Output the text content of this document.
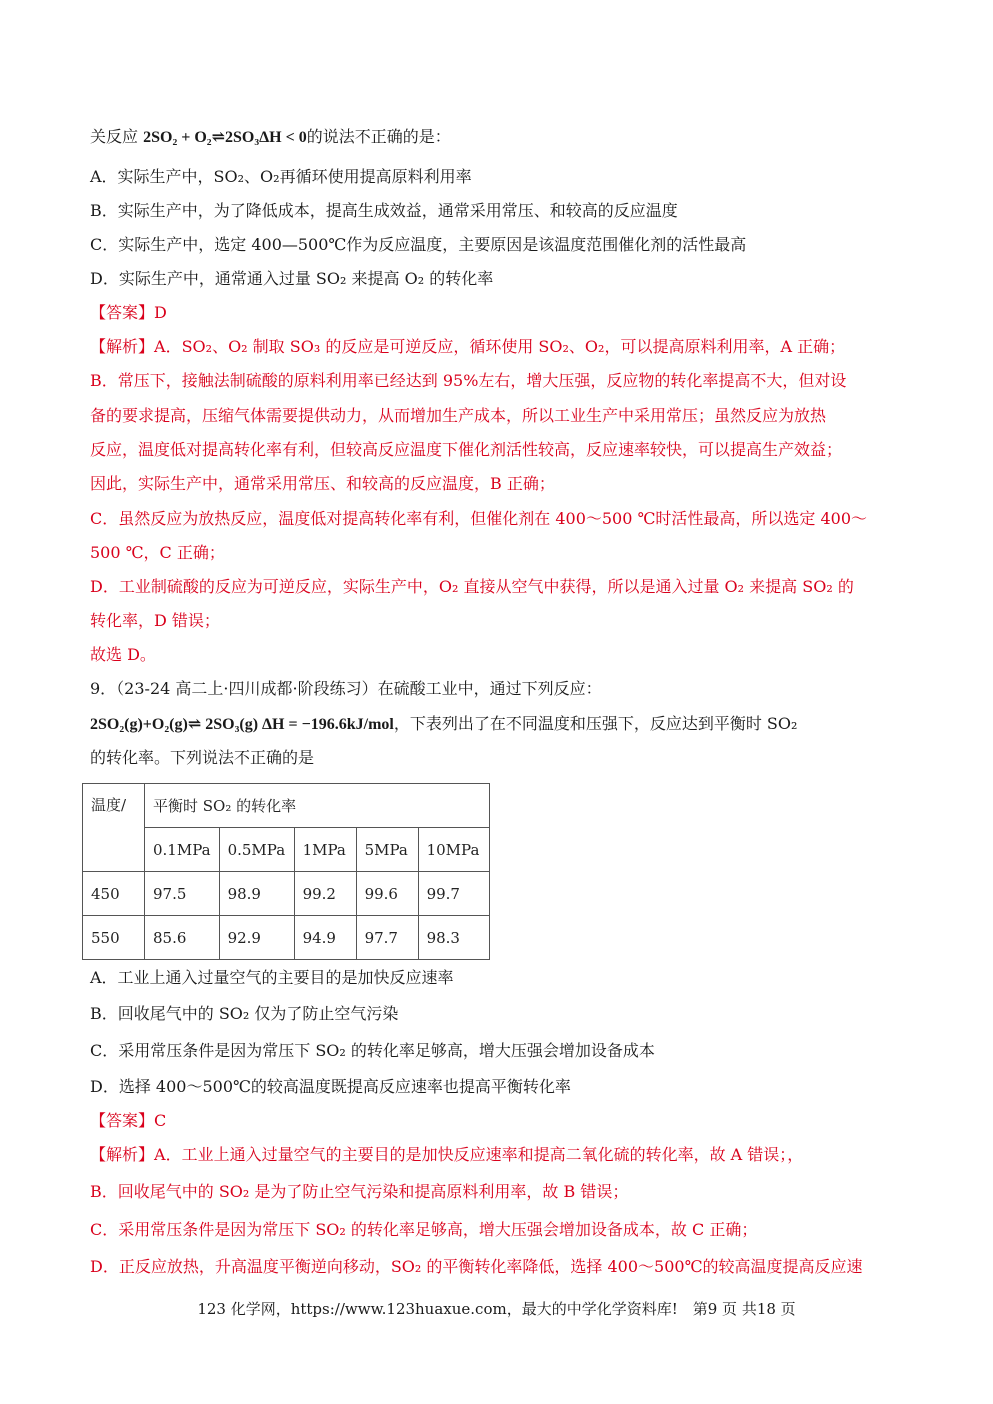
关反应 2SO₂ + O₂⇌2SO₃ΔH < 0的说法不正确的是：
A．实际生产中，SO₂、O₂再循环使用提高原料利用率
B．实际生产中，为了降低成本，提高生成效益，通常采用常压、和较高的反应温度
C．实际生产中，选定 400—500℃作为反应温度，主要原因是该温度范围催化剂的活性最高
D．实际生产中，通常通入过量 SO₂ 来提高 O₂ 的转化率
【答案】D
【解析】A．SO₂、O₂ 制取 SO₃ 的反应是可逆反应，循环使用 SO₂、O₂，可以提高原料利用率，A 正确；
B．常压下，接触法制硫酸的原料利用率已经达到 95%左右，增大压强，反应物的转化率提高不大，但对设
备的要求提高，压缩气体需要提供动力，从而增加生产成本，所以工业生产中采用常压；虽然反应为放热
反应，温度低对提高转化率有利，但较高反应温度下催化剂活性较高，反应速率较快，可以提高生产效益；
因此，实际生产中，通常采用常压、和较高的反应温度，B 正确；
C．虽然反应为放热反应，温度低对提高转化率有利，但催化剂在 400～500 ℃时活性最高，所以选定 400～
500 ℃，C 正确；
D．工业制硫酸的反应为可逆反应，实际生产中，O₂ 直接从空气中获得，所以是通入过量 O₂ 来提高 SO₂ 的
转化率，D 错误；
故选 D。
9．（23-24 高二上·四川成都·阶段练习）在硫酸工业中，通过下列反应：
2SO₂(g)+O₂(g)⇌ 2SO₃(g) ΔH = −196.6kJ/mol，下表列出了在不同温度和压强下，反应达到平衡时 SO₂
的转化率。下列说法不正确的是
温度/	平衡时 SO₂ 的转化率				
	0.1MPa	0.5MPa	1MPa	5MPa	10MPa
450	97.5	98.9	99.2	99.6	99.7
550	85.6	92.9	94.9	97.7	98.3
A．工业上通入过量空气的主要目的是加快反应速率
B．回收尾气中的 SO₂ 仅为了防止空气污染
C．采用常压条件是因为常压下 SO₂ 的转化率足够高，增大压强会增加设备成本
D．选择 400～500℃的较高温度既提高反应速率也提高平衡转化率
【答案】C
【解析】A．工业上通入过量空气的主要目的是加快反应速率和提高二氧化硫的转化率，故 A 错误；，
B．回收尾气中的 SO₂ 是为了防止空气污染和提高原料利用率，故 B 错误；
C．采用常压条件是因为常压下 SO₂ 的转化率足够高，增大压强会增加设备成本，故 C 正确；
D．正反应放热，升高温度平衡逆向移动，SO₂ 的平衡转化率降低，选择 400～500℃的较高温度提高反应速
123 化学网，https://www.123huaxue.com，最大的中学化学资料库!　第9 页 共18 页
